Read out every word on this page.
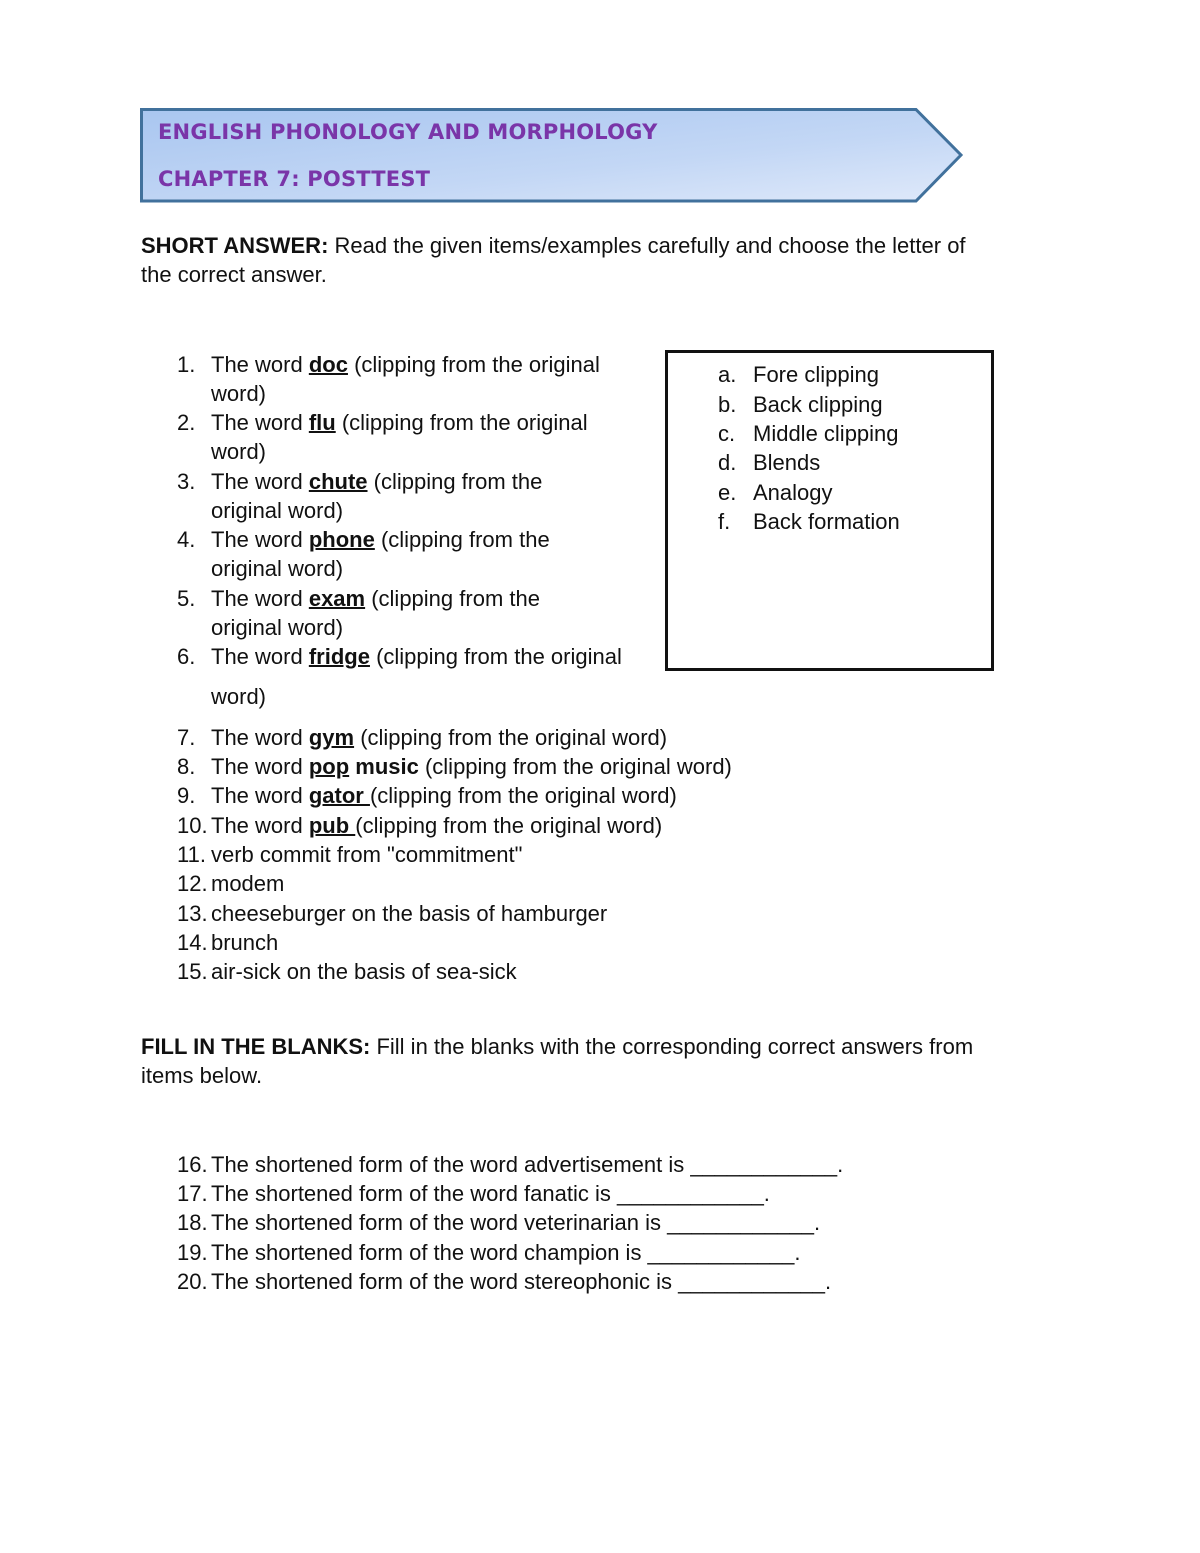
ENGLISH PHONOLOGY AND MORPHOLOGY
CHAPTER 7: POSTTEST
SHORT ANSWER: Read the given items/examples carefully and choose the letter of
the correct answer.
1. The word doc (clipping from the original
word)
2. The word flu (clipping from the original
word)
3. The word chute (clipping from the
original word)
4. The word phone (clipping from the
original word)
5. The word exam (clipping from the
original word)
6. The word fridge (clipping from the original
word)
7. The word gym (clipping from the original word)
8. The word pop music (clipping from the original word)
9. The word gator (clipping from the original word)
10. The word pub (clipping from the original word)
11. verb commit from "commitment"
12. modem
13. cheeseburger on the basis of hamburger
14. brunch
15. air-sick on the basis of sea-sick
a. Fore clipping
b. Back clipping
c. Middle clipping
d. Blends
e. Analogy
f. Back formation
FILL IN THE BLANKS: Fill in the blanks with the corresponding correct answers from
items below.
16. The shortened form of the word advertisement is ____________.
17. The shortened form of the word fanatic is ____________.
18. The shortened form of the word veterinarian is ____________.
19. The shortened form of the word champion is ____________.
20. The shortened form of the word stereophonic is ____________.
